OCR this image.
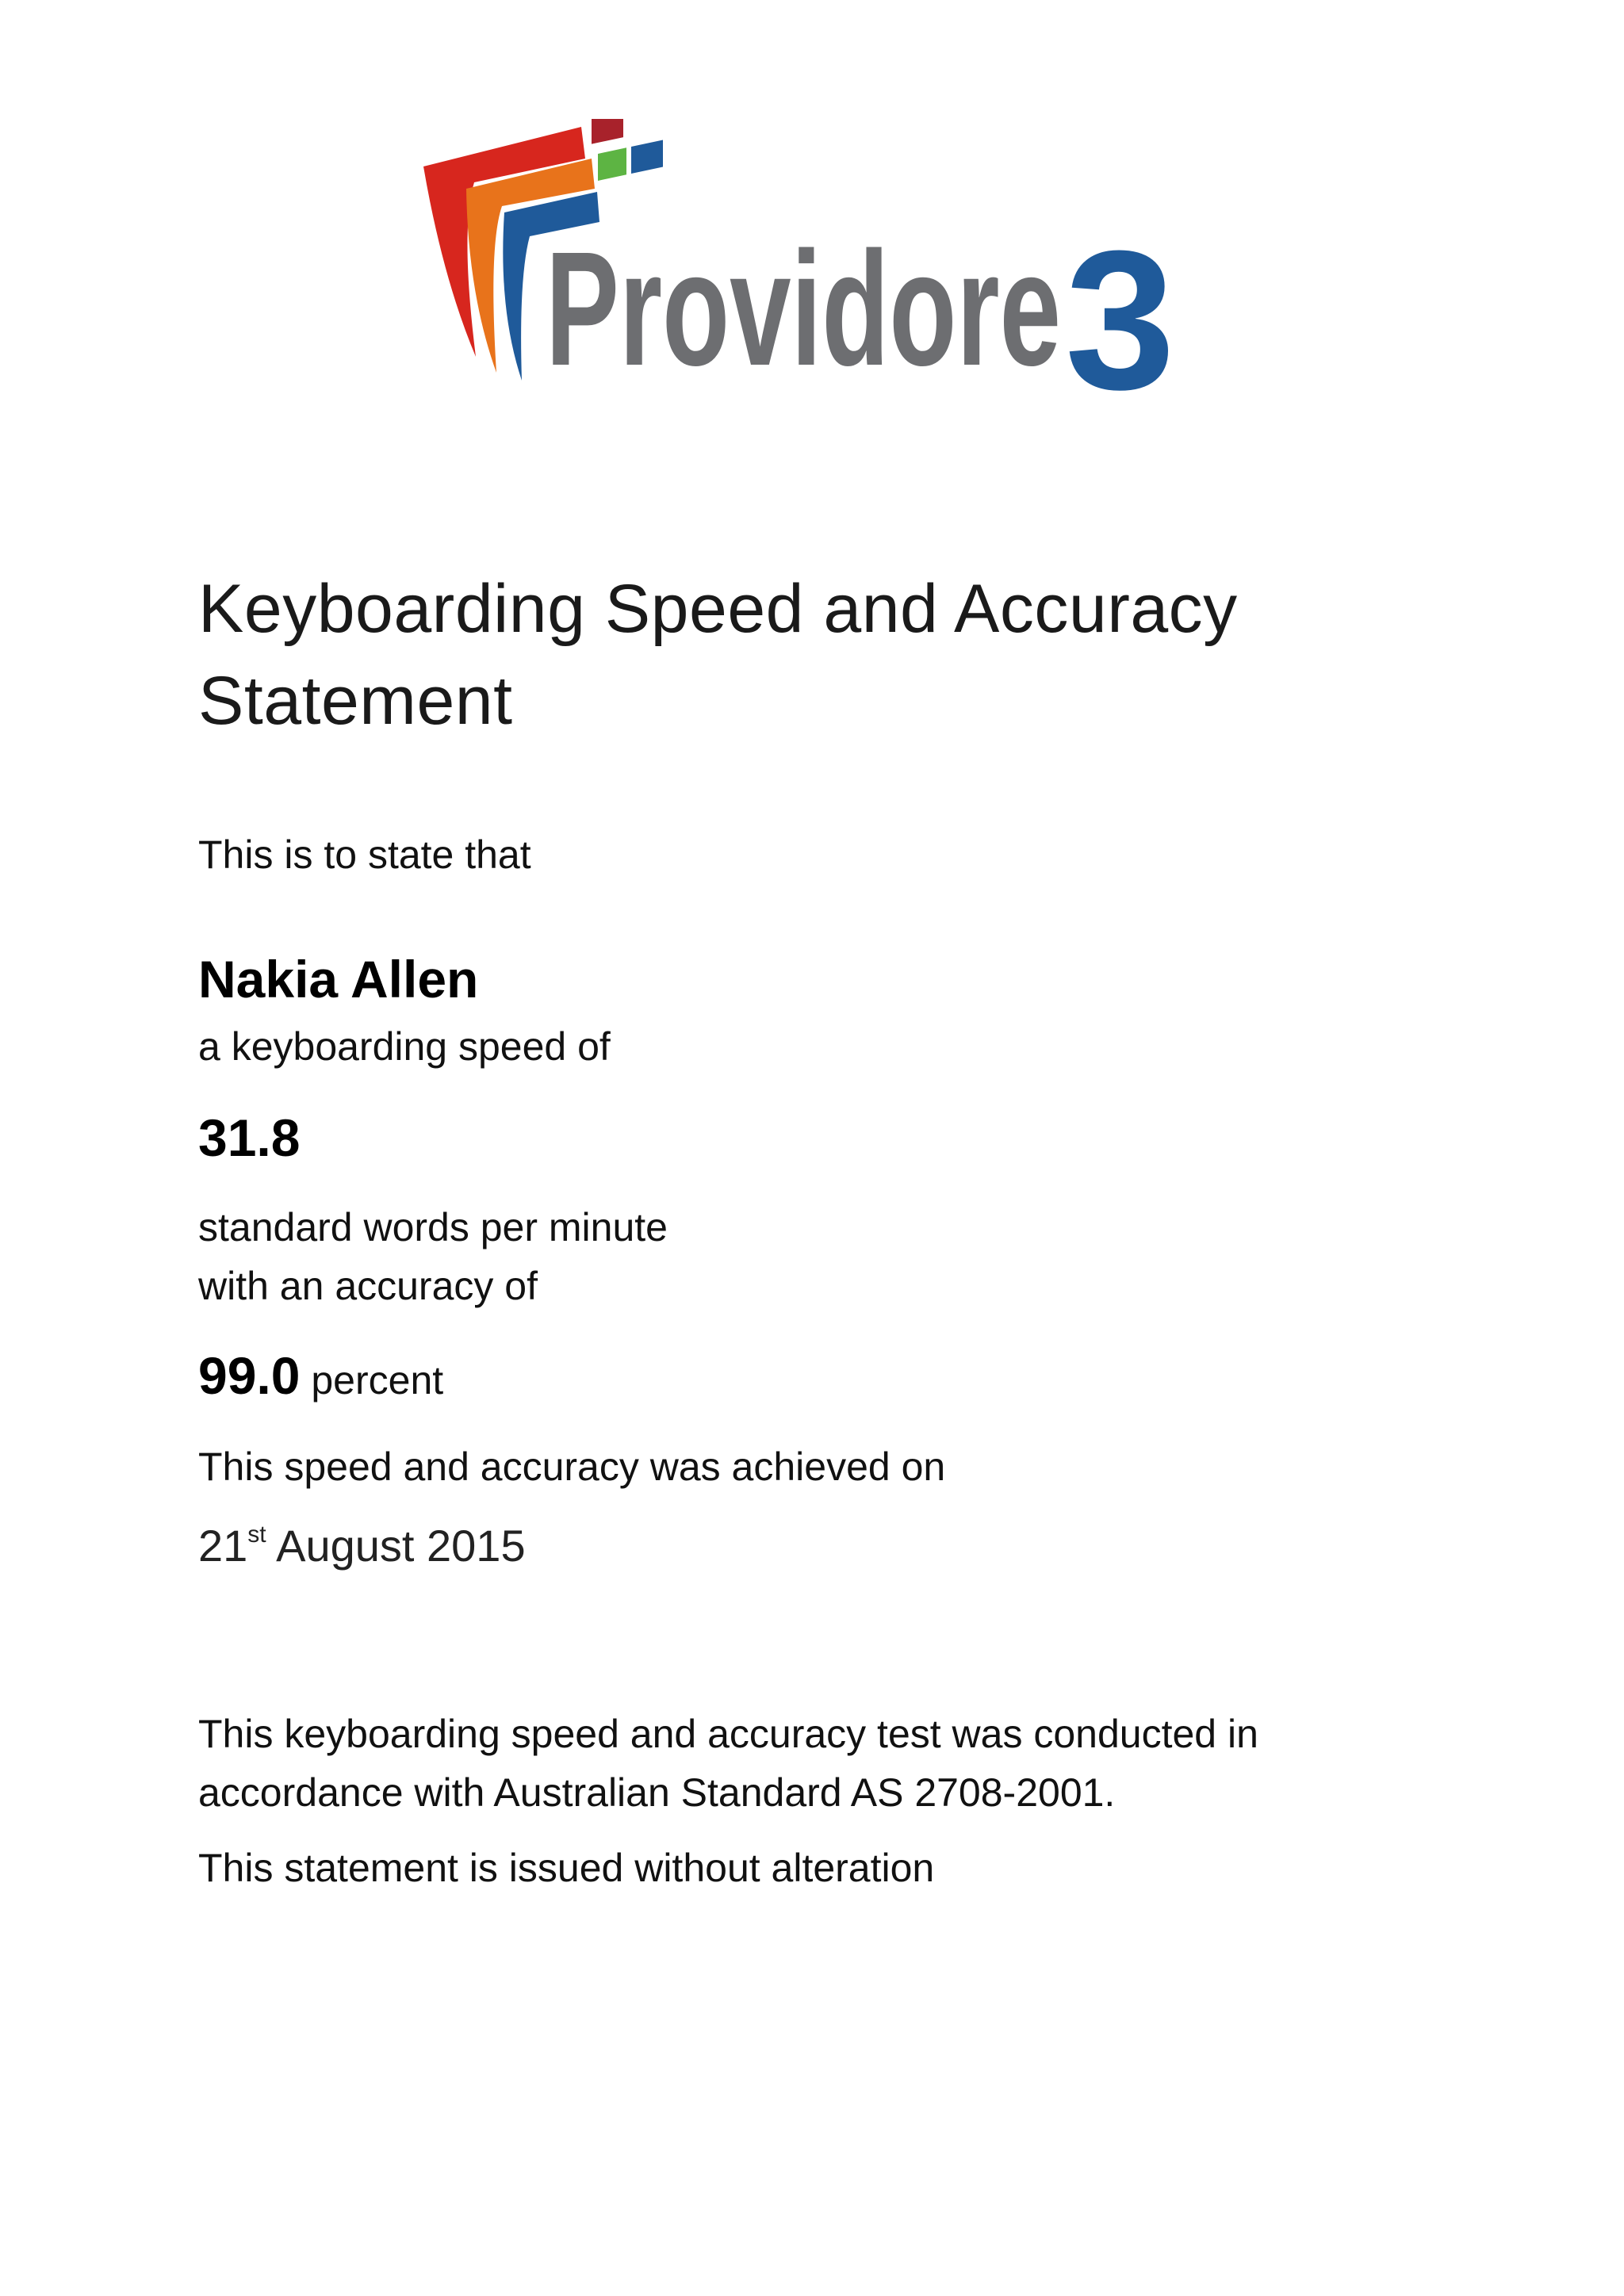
Providore 3
Keyboarding Speed and Accuracy
Statement
This is to state that
Nakia Allen
a keyboarding speed of
31.8
standard words per minute
with an accuracy of
99.0 percent
This speed and accuracy was achieved on
21st August 2015
This keyboarding speed and accuracy test was conducted in
accordance with Australian Standard AS 2708-2001.
This statement is issued without alteration
